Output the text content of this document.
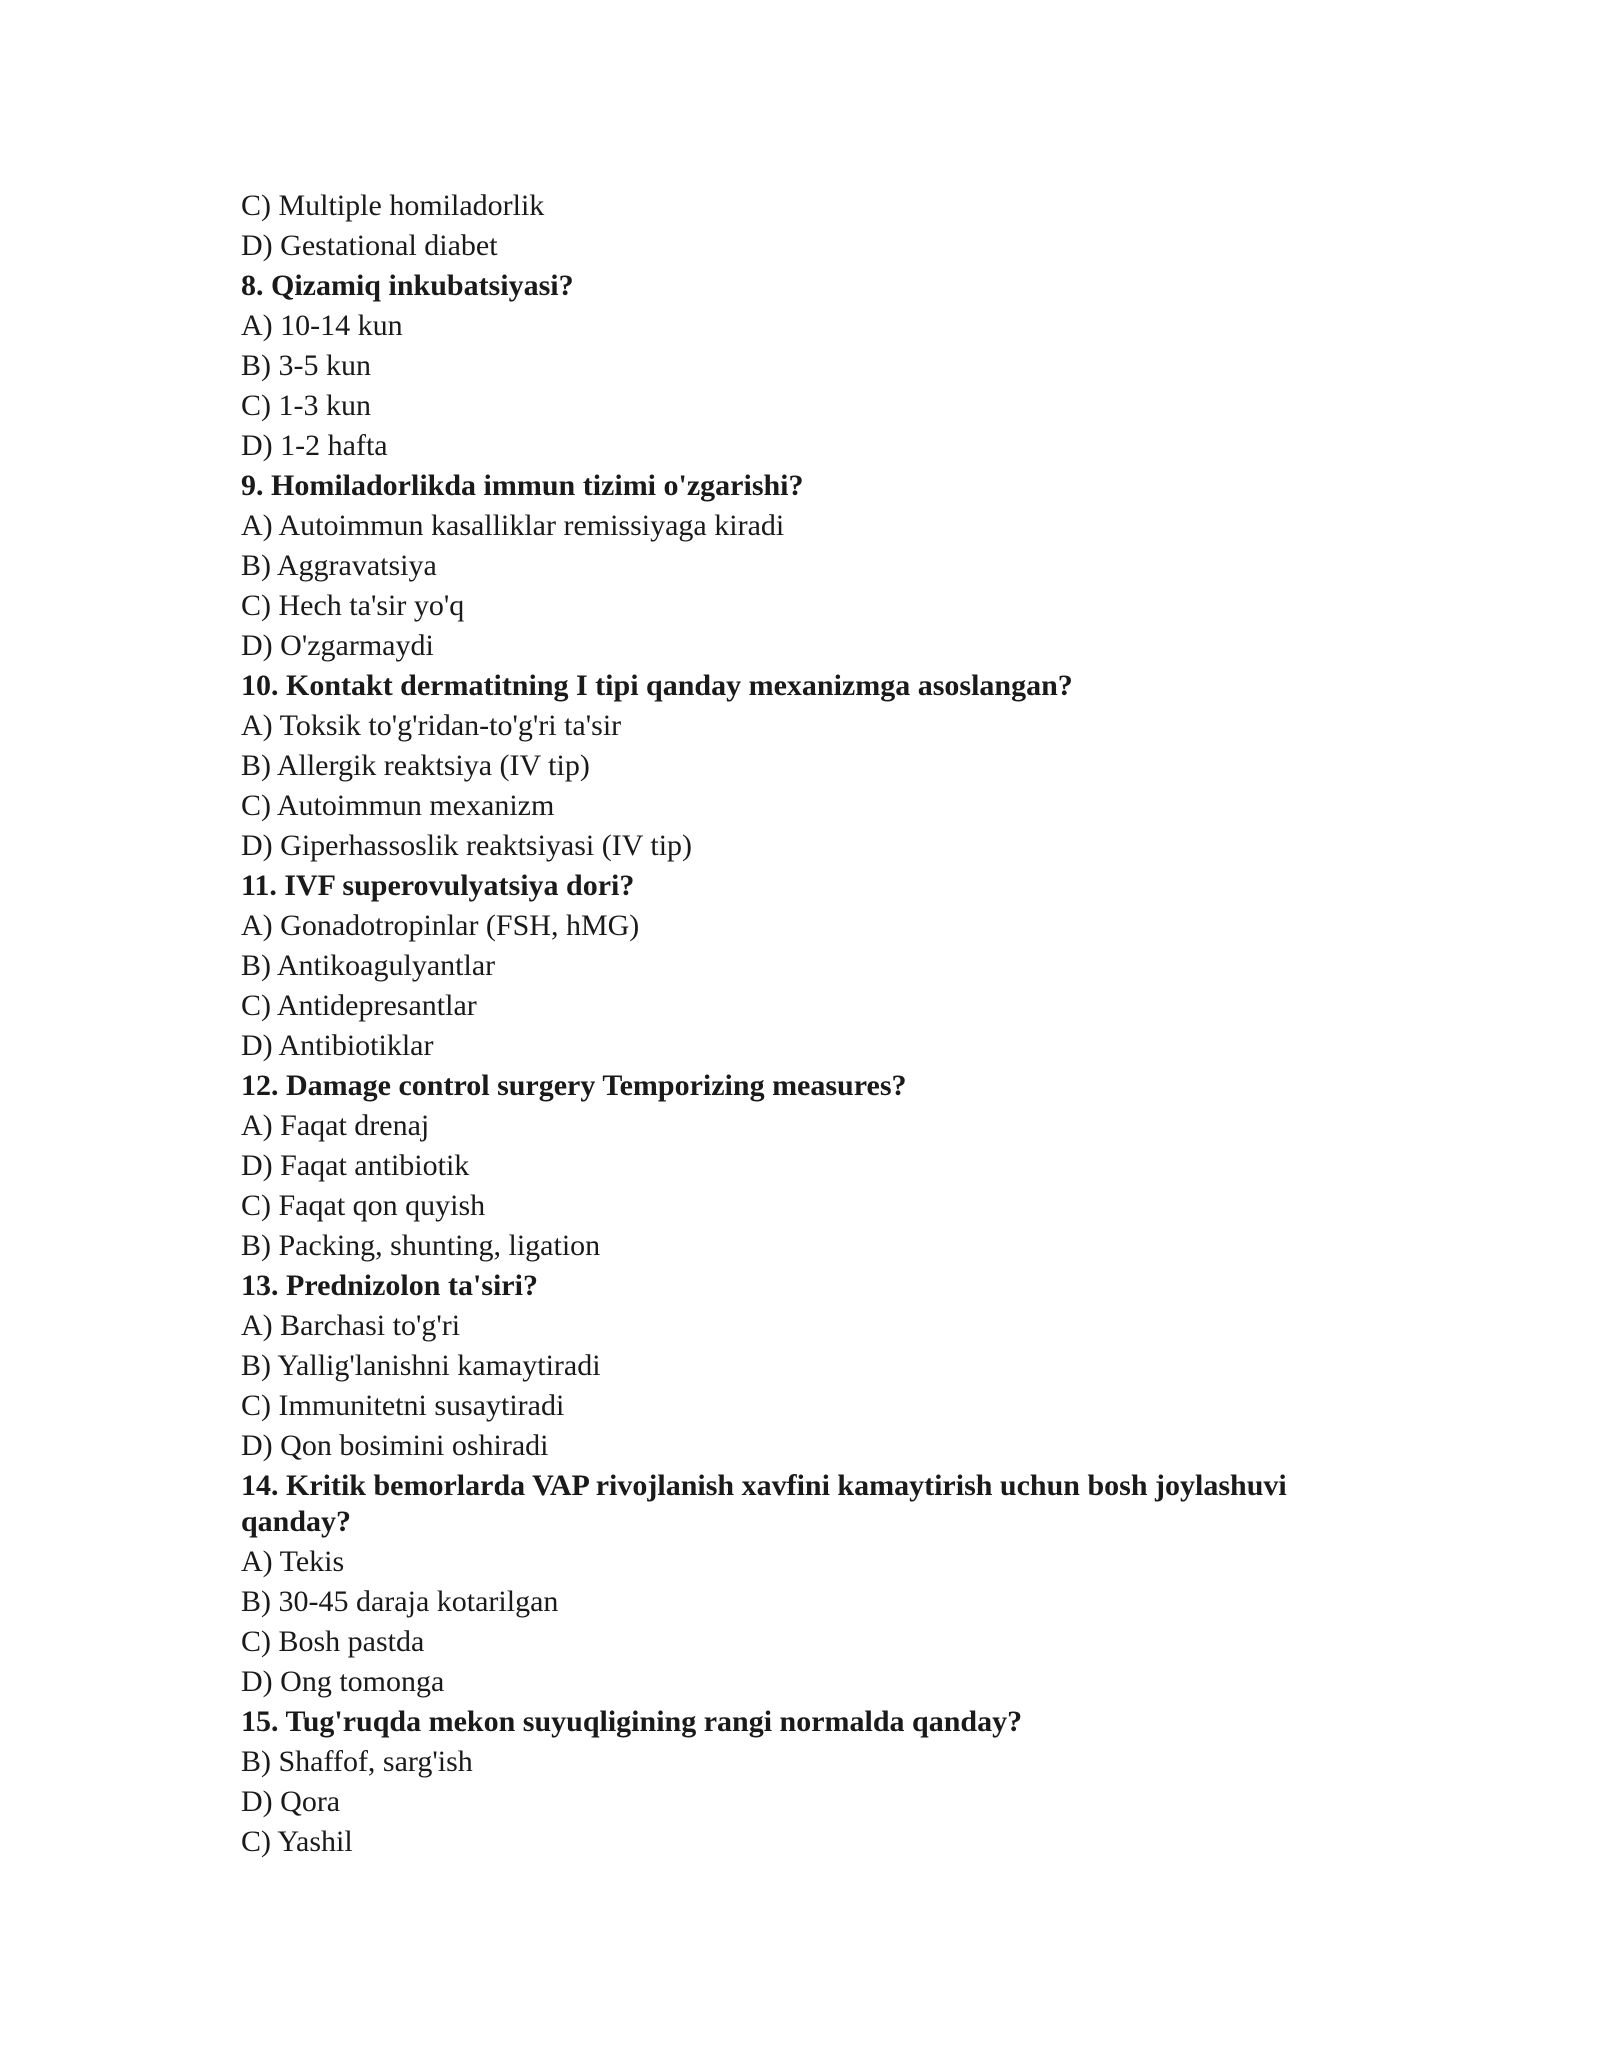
C) Multiple homiladorlik
D) Gestational diabet
8. Qizamiq inkubatsiyasi?
A) 10-14 kun
B) 3-5 kun
C) 1-3 kun
D) 1-2 hafta
9. Homiladorlikda immun tizimi o'zgarishi?
A) Autoimmun kasalliklar remissiyaga kiradi
B) Aggravatsiya
C) Hech ta'sir yo'q
D) O'zgarmaydi
10. Kontakt dermatitning I tipi qanday mexanizmga asoslangan?
A) Toksik to'g'ridan-to'g'ri ta'sir
B) Allergik reaktsiya (IV tip)
C) Autoimmun mexanizm
D) Giperhassoslik reaktsiyasi (IV tip)
11. IVF superovulyatsiya dori?
A) Gonadotropinlar (FSH, hMG)
B) Antikoagulyantlar
C) Antidepresantlar
D) Antibiotiklar
12. Damage control surgery Temporizing measures?
A) Faqat drenaj
D) Faqat antibiotik
C) Faqat qon quyish
B) Packing, shunting, ligation
13. Prednizolon ta'siri?
A) Barchasi to'g'ri
B) Yallig'lanishni kamaytiradi
C) Immunitetni susaytiradi
D) Qon bosimini oshiradi
14. Kritik bemorlarda VAP rivojlanish xavfini kamaytirish uchun bosh joylashuvi qanday?
A) Tekis
B) 30-45 daraja kotarilgan
C) Bosh pastda
D) Ong tomonga
15. Tug'ruqda mekon suyuqligining rangi normalda qanday?
B) Shaffof, sarg'ish
D) Qora
C) Yashil
